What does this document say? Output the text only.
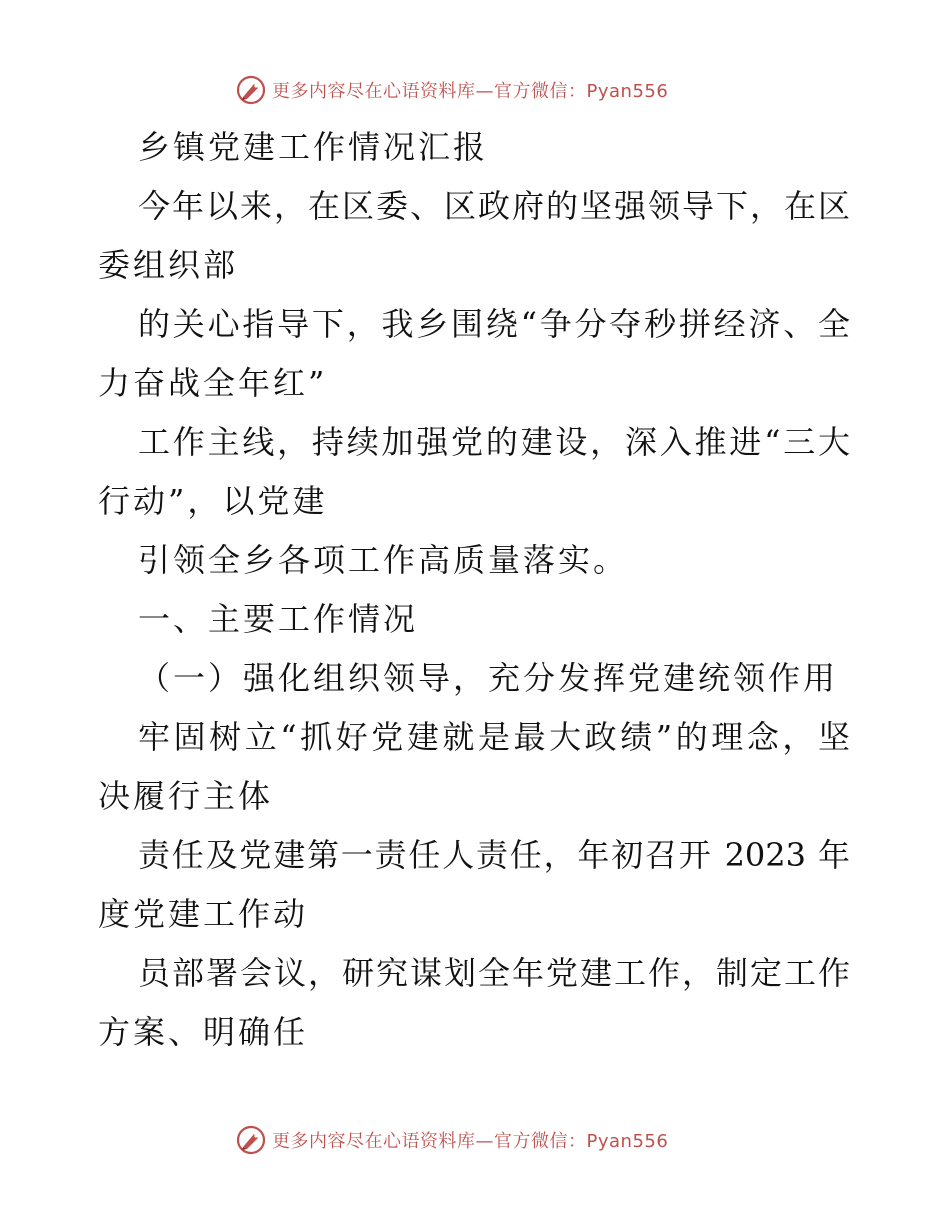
更多内容尽在心语资料库—官方微信：Pyan556
乡镇党建工作情况汇报
今年以来，在区委、区政府的坚强领导下，在区
委组织部
的关心指导下，我乡围绕“争分夺秒拼经济、全
力奋战全年红”
工作主线，持续加强党的建设，深入推进“三大
行动”，以党建
引领全乡各项工作高质量落实。
一、主要工作情况
（一）强化组织领导，充分发挥党建统领作用
牢固树立“抓好党建就是最大政绩”的理念，坚
决履行主体
责任及党建第一责任人责任，年初召开 2023 年
度党建工作动
员部署会议，研究谋划全年党建工作，制定工作
方案、明确任
更多内容尽在心语资料库—官方微信：Pyan556
